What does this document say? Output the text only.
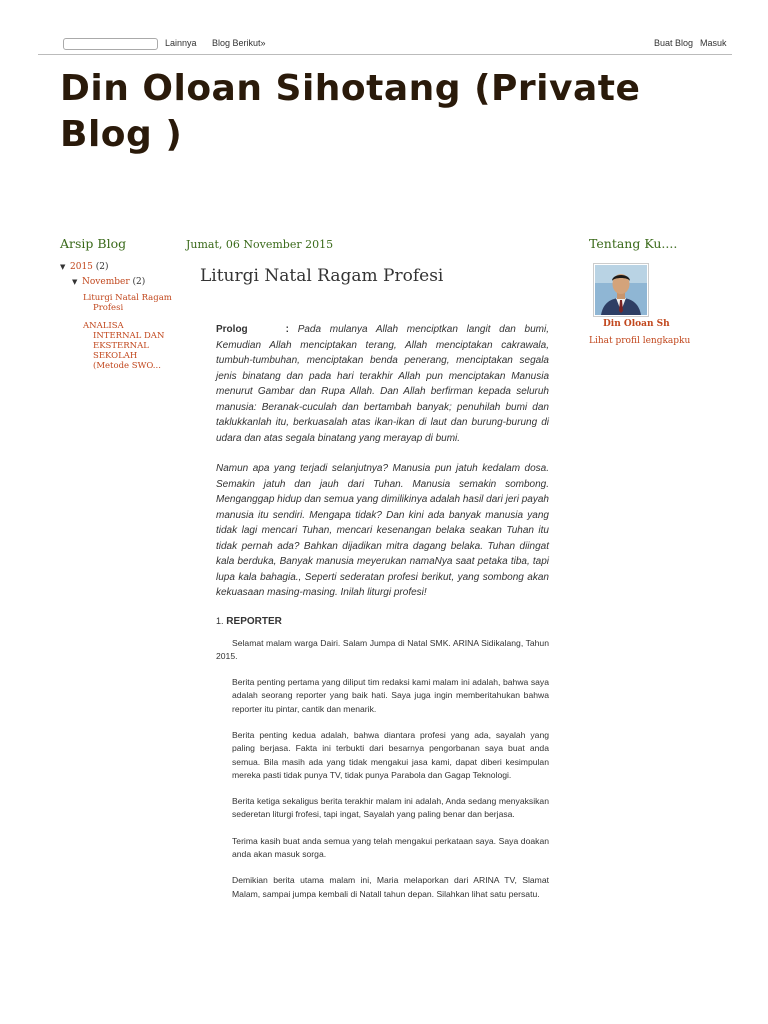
Lainnya Blog Berikut»	Buat Blog Masuk
Din Oloan Sihotang (Private Blog )
Arsip Blog
▼ 2015 (2)
▼ November (2)
Liturgi Natal Ragam Profesi
ANALISA INTERNAL DAN EKSTERNAL SEKOLAH (Metode SWO...
Jumat, 06 November 2015
Liturgi Natal Ragam Profesi

Prolog	: Pada mulanya Allah menciptkan langit dan bumi, Kemudian Allah menciptakan terang, Allah menciptakan cakrawala, tumbuh-tumbuhan, menciptakan benda penerang, menciptakan segala jenis binatang dan pada hari terakhir Allah pun menciptakan Manusia menurut Gambar dan Rupa Allah. Dan Allah berfirman kepada seluruh manusia: Beranak-cuculah dan bertambah banyak; penuhilah bumi dan taklukkanlah itu, berkuasalah atas ikan-ikan di laut dan burung-burung di udara dan atas segala binatang yang merayap di bumi.

Namun apa yang terjadi selanjutnya? Manusia pun jatuh kedalam dosa. Semakin jatuh dan jauh dari Tuhan. Manusia semakin sombong. Menganggap hidup dan semua yang dimilikinya adalah hasil dari jeri payah manusia itu sendiri. Mengapa tidak? Dan kini ada banyak manusia yang tidak lagi mencari Tuhan, mencari kesenangan belaka seakan Tuhan itu tidak pernah ada? Bahkan dijadikan mitra dagang belaka. Tuhan diingat kala berduka, Banyak manusia meyerukan namaNya saat petaka tiba, tapi lupa kala bahagia., Seperti sederatan profesi berikut, yang sombong akan kekuasaan masing-masing. Inilah liturgi profesi!

1. REPORTER

Selamat malam warga Dairi. Salam Jumpa di Natal SMK. ARINA Sidikalang, Tahun 2015.

Berita penting pertama yang diliput tim redaksi kami malam ini adalah, bahwa saya adalah seorang reporter yang baik hati. Saya juga ingin memberitahukan bahwa reporter itu pintar, cantik dan menarik.

Berita penting kedua adalah, bahwa diantara profesi yang ada, sayalah yang paling berjasa. Fakta ini terbukti dari besarnya pengorbanan saya buat anda semua. Bila masih ada yang tidak mengakui jasa kami, dapat diberi kesimpulan mereka pasti tidak punya TV, tidak punya Parabola dan Gagap Teknologi.

Berita ketiga sekaligus berita terakhir malam ini adalah, Anda sedang menyaksikan sederetan liturgi frofesi, tapi ingat, Sayalah yang paling benar dan berjasa.

Terima kasih buat anda semua yang telah mengakui perkataan saya. Saya doakan anda akan masuk sorga.

Demikian berita utama malam ini, Maria melaporkan dari ARINA TV, Slamat Malam, sampai jumpa kembali di Natall tahun depan. Silahkan lihat satu persatu.

Tentang Ku....
Din Oloan Sh
Lihat profil lengkapku
